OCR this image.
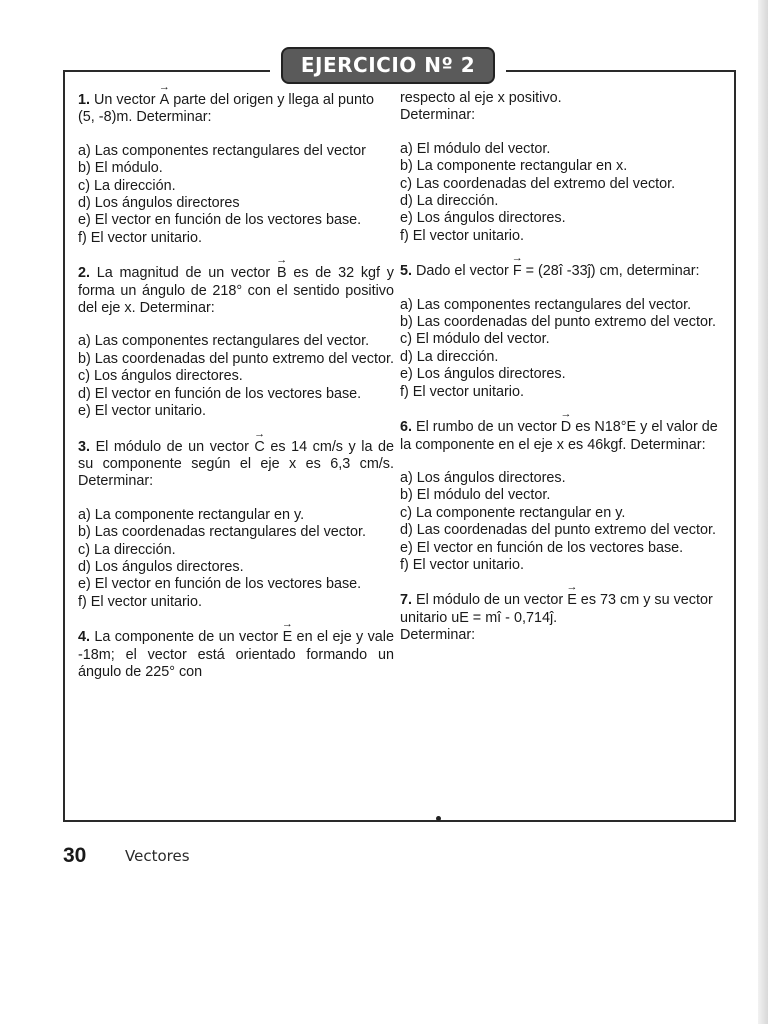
EJERCICIO Nº 2

1. Un vector → A parte del origen y llega al punto (5, -8)m. Determinar:

a) Las componentes rectangulares del vector
b) El módulo.
c) La dirección.
d) Los ángulos directores
e) El vector en función de los vectores base.
f) El vector unitario.

2. La magnitud de un vector → B es de 32 kgf y forma un ángulo de 218° con el sentido positivo del eje x. Determinar:

a) Las componentes rectangulares del vector.
b) Las coordenadas del punto extremo del vector.
c) Los ángulos directores.
d) El vector en función de los vectores base.
e) El vector unitario.

3. El módulo de un vector → C es 14 cm/s y la de su componente según el eje x es 6,3 cm/s. Determinar:

a) La componente rectangular en y.
b) Las coordenadas rectangulares del vector.
c) La dirección.
d) Los ángulos directores.
e) El vector en función de los vectores base.
f) El vector unitario.

4. La componente de un vector → E en el eje y vale -18m; el vector está orientado formando un ángulo de 225° con

respecto al eje x positivo.
Determinar:
a) El módulo del vector.
b) La componente rectangular en x.
c) Las coordenadas del extremo del vector.
d) La dirección.
e) Los ángulos directores.
f) El vector unitario.

5. Dado el vector → F = (28î -33ĵ) cm, determinar:

a) Las componentes rectangulares del vector.
b) Las coordenadas del punto extremo del vector.
c) El módulo del vector.
d) La dirección.
e) Los ángulos directores.
f) El vector unitario.

6. El rumbo de un vector → D es N18°E y el valor de la componente en el eje x es 46kgf. Determinar:

a) Los ángulos directores.
b) El módulo del vector.
c) La componente rectangular en y.
d) Las coordenadas del punto extremo del vector.
e) El vector en función de los vectores base.
f) El vector unitario.

7. El módulo de un vector → E es 73 cm y su vector unitario uE = mî - 0,714ĵ.

Determinar:
30	Vectores
